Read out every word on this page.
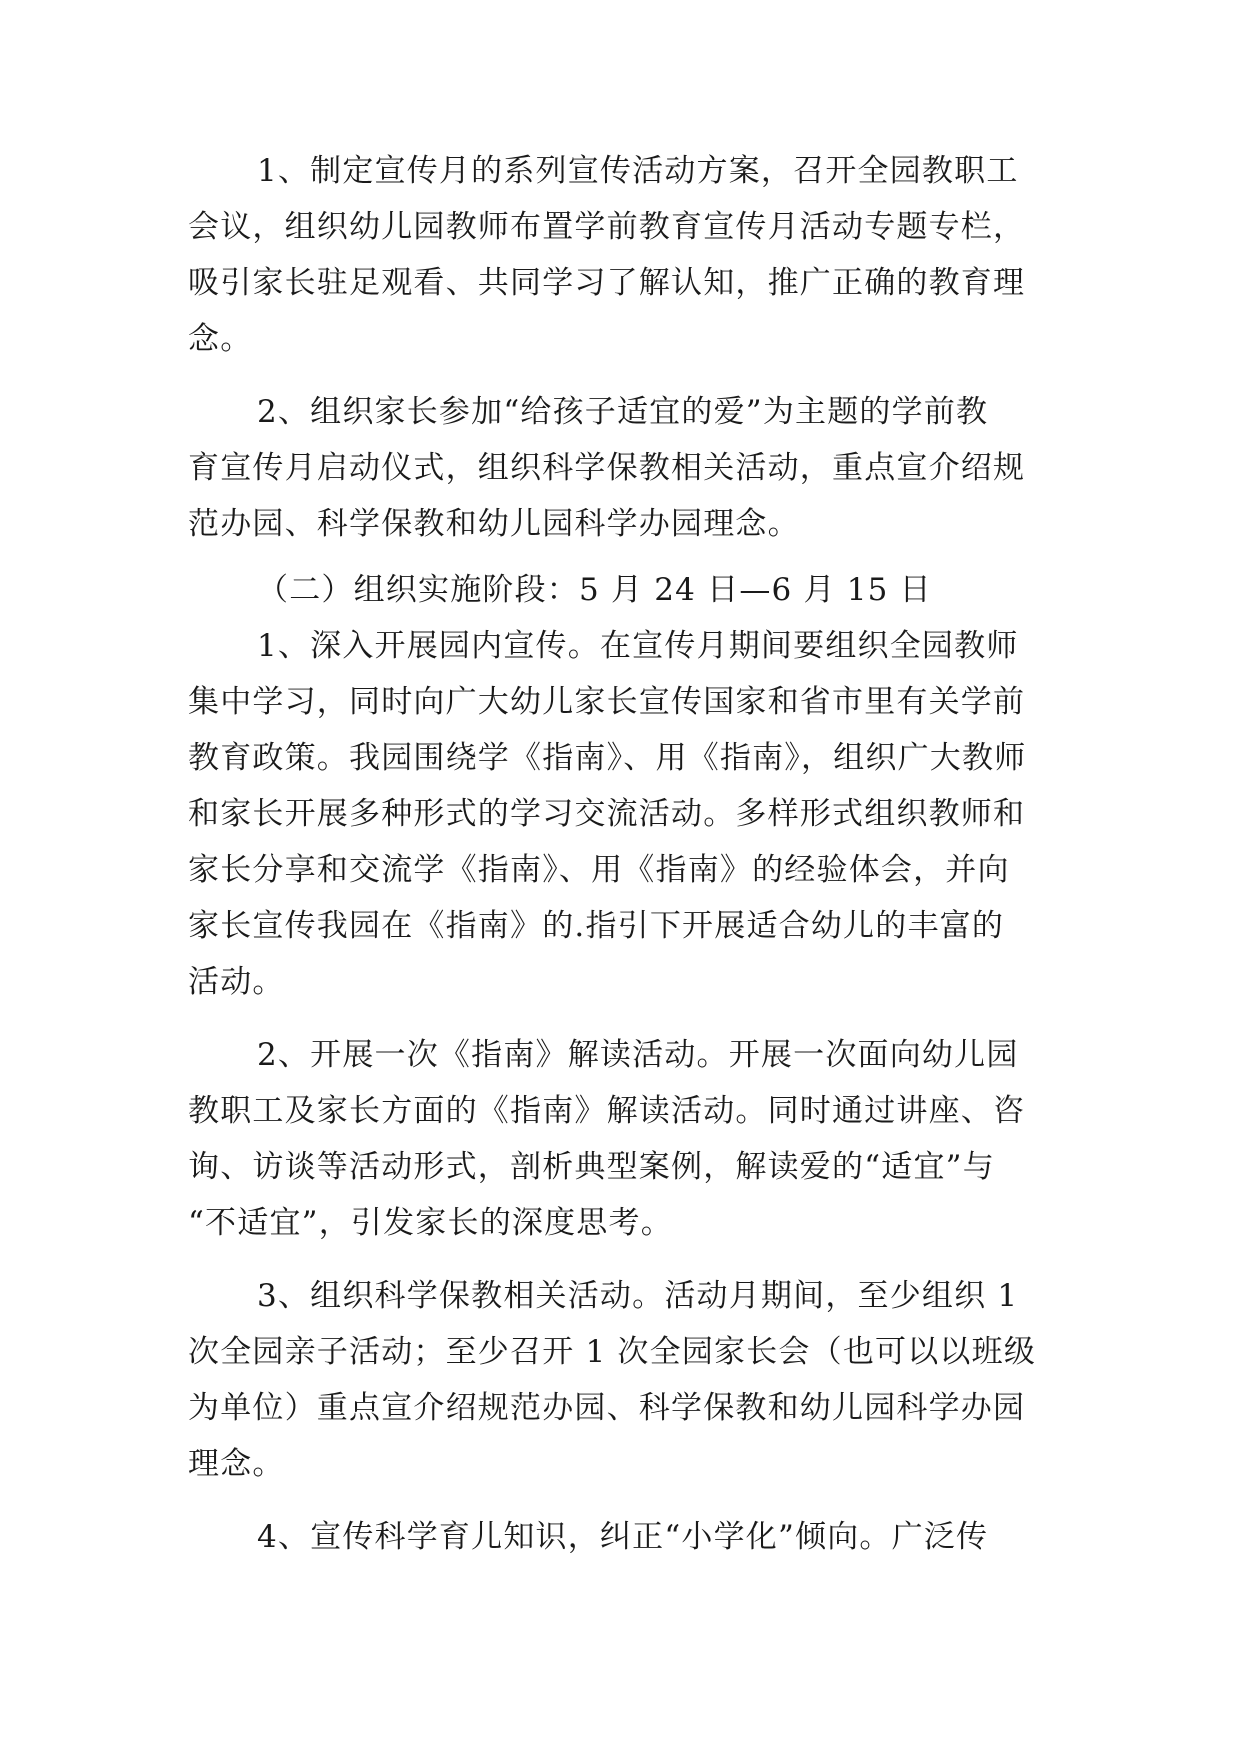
1、制定宣传月的系列宣传活动方案，召开全园教职工
会议，组织幼儿园教师布置学前教育宣传月活动专题专栏，
吸引家长驻足观看、共同学习了解认知，推广正确的教育理
念。
2、组织家长参加“给孩子适宜的爱”为主题的学前教
育宣传月启动仪式，组织科学保教相关活动，重点宣介绍规
范办园、科学保教和幼儿园科学办园理念。
（二）组织实施阶段：5 月 24 日—6 月 15 日
1、深入开展园内宣传。在宣传月期间要组织全园教师
集中学习，同时向广大幼儿家长宣传国家和省市里有关学前
教育政策。我园围绕学《指南》、用《指南》，组织广大教师
和家长开展多种形式的学习交流活动。多样形式组织教师和
家长分享和交流学《指南》、用《指南》的经验体会，并向
家长宣传我园在《指南》的.指引下开展适合幼儿的丰富的
活动。
2、开展一次《指南》解读活动。开展一次面向幼儿园
教职工及家长方面的《指南》解读活动。同时通过讲座、咨
询、访谈等活动形式，剖析典型案例，解读爱的“适宜”与
“不适宜”，引发家长的深度思考。
3、组织科学保教相关活动。活动月期间，至少组织 1
次全园亲子活动；至少召开 1 次全园家长会（也可以以班级
为单位）重点宣介绍规范办园、科学保教和幼儿园科学办园
理念。
4、宣传科学育儿知识，纠正“小学化”倾向。广泛传
